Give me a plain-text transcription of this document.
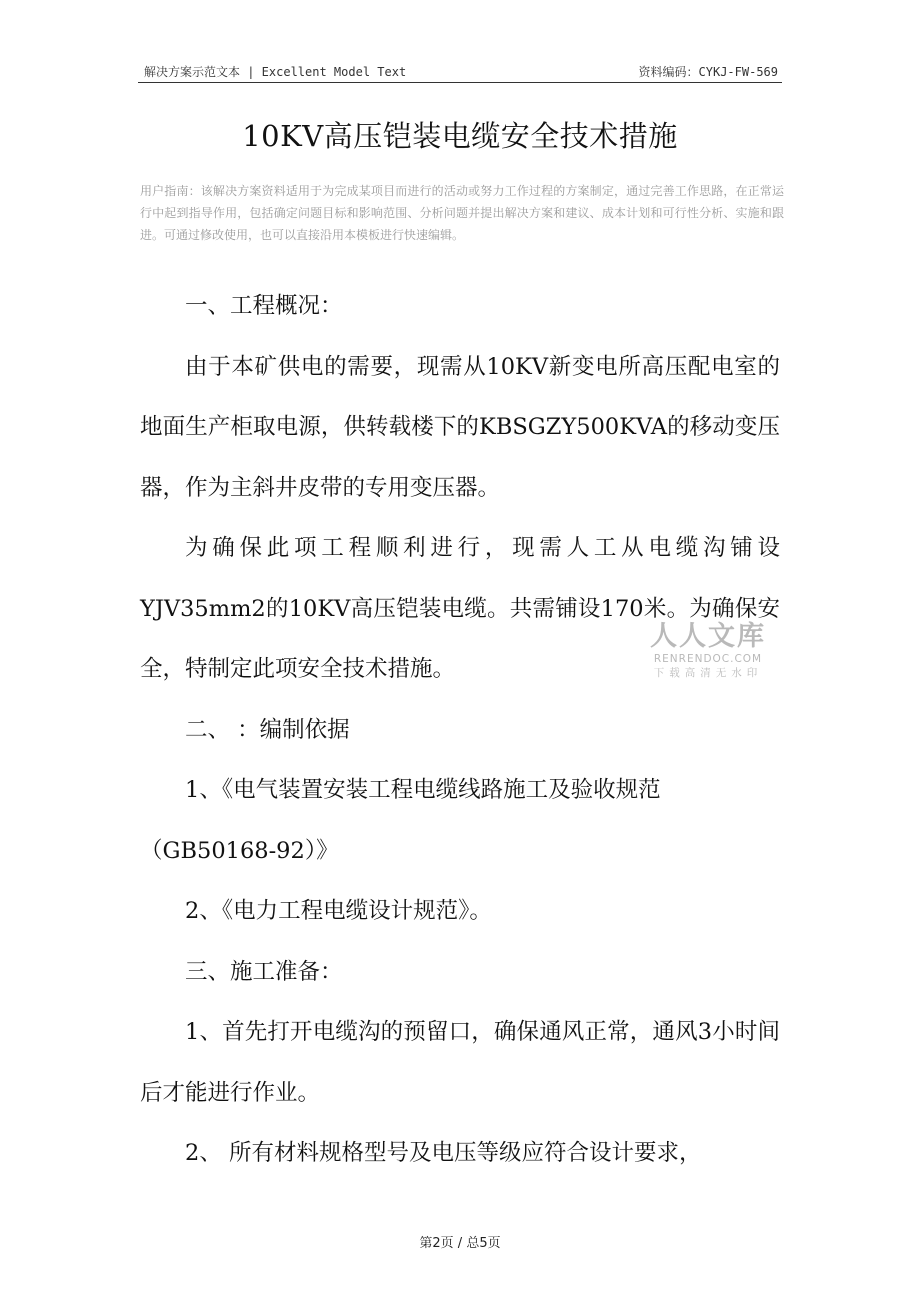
解决方案示范文本 | Excellent Model Text	资料编码：CYKJ-FW-569
10KV高压铠装电缆安全技术措施
用户指南：该解决方案资料适用于为完成某项目而进行的活动或努力工作过程的方案制定，通过完善工作思路，在正常运行中起到指导作用，包括确定问题目标和影响范围、分析问题并提出解决方案和建议、成本计划和可行性分析、实施和跟进。可通过修改使用，也可以直接沿用本模板进行快速编辑。

一、工程概况：

由于本矿供电的需要，现需从10KV新变电所高压配电室的地面生产柜取电源，供转载楼下的KBSGZY500KVA的移动变压器，作为主斜井皮带的专用变压器。

为确保此项工程顺利进行，现需人工从电缆沟铺设YJV35mm2的10KV高压铠装电缆。共需铺设170米。为确保安全，特制定此项安全技术措施。

二、 ：编制依据

1、《电气装置安装工程电缆线路施工及验收规范

（GB50168-92）》

2、《电力工程电缆设计规范》。

三、施工准备：

1、首先打开电缆沟的预留口，确保通风正常，通风3小时间后才能进行作业。

2、 所有材料规格型号及电压等级应符合设计要求，

人人文库
RENRENDOC.COM
下载高清无水印
第2页 / 总5页
